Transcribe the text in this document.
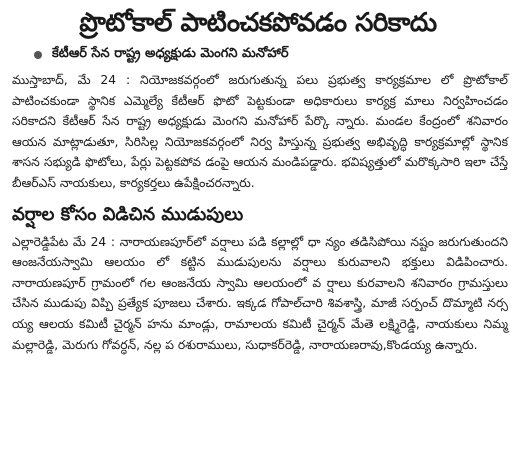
ప్రొటోకాల్ పాటించకపోవడం సరికాదు
కేటీఆర్ సేన రాష్ట్ర అధ్యక్షుడు మెంగని మనోహార్

ముస్తాబాద్, మే 24 : నియోజకవర్గంలో జరుగుతున్న పలు ప్రభుత్వ కార్యక్రమాల లో ప్రొటోకాల్ పాటించకుండా స్థానిక ఎమ్మెల్యే కేటీఆర్ ఫొటో పెట్టకుండా అధికారులు కార్యక్ర మాలు నిర్వహించడం సరికాదని కేటీఆర్ సేన రాష్ట్ర అధ్యక్షుడు మెంగని మనోహార్ పేర్కొ న్నారు. మండల కేంద్రంలో శనివారం ఆయన మాట్లాడుతూ, సిరిసిల్ల నియోజకవర్గంలో నిర్వ హిస్తున్న ప్రభుత్వ అభివృద్ధి కార్యక్రమాల్లో స్థానిక శాసన సభ్యుడి ఫొటోలు, పేర్లు పెట్టకపోవ డంపై ఆయన మండిపడ్డారు. భవిష్యత్తులో మరొక్కసారి ఇలా చేస్తే బీఆర్ఎస్ నాయకులు, కార్యకర్తలు ఉపేక్షించరన్నారు.

వర్షాల కోసం విడిచిన ముడుపులు

ఎల్లారెడ్డిపేట మే 24 : నారాయణపూర్‌లో వర్షాలు పడి కల్లాల్లో ధా న్యం తడిసిపోయి నష్టం జరుగుతుందని ఆంజనేయస్వామి ఆలయం లో కట్టిన ముడుపులను వర్షాలు కురువాలని భక్తులు విడిపించారు. నారాయణపూర్ గ్రామంలో గల ఆంజనేయ స్వామి ఆలయంలో వ ర్షాలు కురవాలని శనివారం గ్రామస్తులు చేసిన ముడుపు విప్పి ప్రత్యేక పూజలు చేశారు. ఇక్కడ గోపాల్‌చారి శివశాస్త్రి, మాజీ సర్పంచ్ దొమ్మాటి నర్స య్య ఆలయ కమిటీ చైర్మన్ హను మాండ్లు, రామాలయ కమిటీ చైర్మన్ మేతె లక్ష్మిరెడ్డి, నాయకులు నిమ్మ మల్లారెడ్డి, మెరుగు గోవర్ధన్, నల్ల ప రశురాములు, సుధాకర్‌రెడ్డి, నారాయణరావు,కొండయ్య ఉన్నారు.
